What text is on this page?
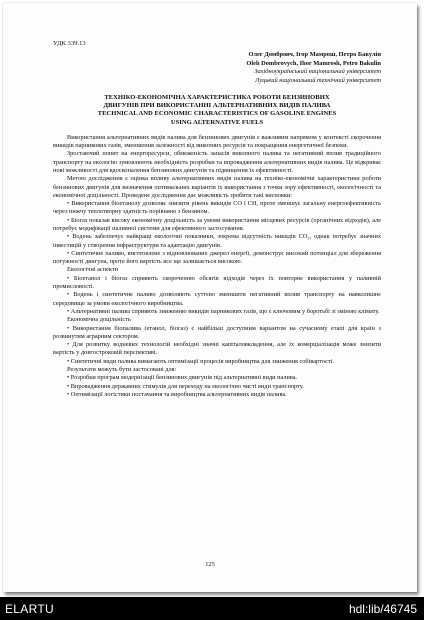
УДК 339.13
Олег Домбровч, Ігор Мамрош, Петро Бакулін
Oleh Dombrovych, Ihor Mamrosh, Petro Bakulin
Західноукраїнський національний університет
Луцький національний технічний університет
ТЕХНІКО-ЕКОНОМІЧНА ХАРАКТЕРИСТИКА РОБОТИ БЕНЗИНОВИХ
ДВИГУНІВ ПРИ ВИКОРИСТАННІ АЛЬТЕРНАТИВНИХ ВИДІВ ПАЛИВА
TECHNICAL AND ECONOMIC CHARACTERISTICS OF GASOLINE ENGINES
USING ALTERNATIVE FUELS

Використання альтернативних видів палива для бензинових двигунів є важливим напрямом у контексті скорочення викидів парникових газів, зменшення залежності від викопних ресурсів та покращення енергетичної безпеки.

Зростаючий попит на енергоресурси, обмеженість запасів викопного палива та негативний вплив традиційного транспорту на екологію зумовлюють необхідність розробки та впровадження альтернативних видів палива. Це відкриває нові можливості для вдосконалення бензинових двигунів та підвищення їх ефективності.

Метою дослідження є оцінка впливу альтернативних видів палива на техніко-економічні характеристики роботи бензинових двигунів для визначення оптимальних варіантів їх використання з точки зору ефективності, екологічності та економічної доцільності. Проведене дослідження дає можливість зробити такі висновки:

• Використання біоетанолу дозволяє знизити рівень викидів CO і CH, проте зменшує загальну енергоефективність через нижчу теплотворну здатність порівняно з бензином.

• Біогаз показав високу економічну доцільність за умови використання місцевих ресурсів (органічних відходів), але потребує модифікації паливної системи для ефективного застосування.

• Водень забезпечує найкращі екологічні показники, зокрема відсутність викидів CO₂, однак потребує значних інвестицій у створення інфраструктури та адаптацію двигунів.

• Синтетичне паливо, виготовлене з відновлюваних джерел енергії, демонструє високий потенціал для збереження потужності двигуна, проте його вартість все ще залишається високою.

Екологічні аспекти

• Біоетанол і біогаз сприяють скороченню обсягів відходів через їх повторне використання у паливній промисловості.

• Водень і синтетичне паливо дозволяють суттєво зменшити негативний вплив транспорту на навколишнє середовище за умови екологічного виробництва.

• Альтернативні палива сприяють зниженню викидів парникових газів, що є ключовим у боротьбі зі зміною клімату.

Економічна доцільність

• Використання біопалива (етанол, біогаз) є найбільш доступним варіантом на сучасному етапі для країн з розвинутим аграрним сектором.

• Для розвитку водневих технологій необхідні значні капіталовкладення, але їх комерціалізація може знизити вартість у довгостроковій перспективі.

• Синтетичні види палива вимагають оптимізації процесів виробництва для зниження собівартості.

Результати можуть бути застосовані для:

• Розробки програм модернізації бензинових двигунів під альтернативні види палива.

• Впровадження державних стимулів для переходу на екологічно чисті види транспорту.

• Оптимізації логістики постачання та виробництва альтернативних видів палива.

125
ELARTU	hdl:lib/46745
